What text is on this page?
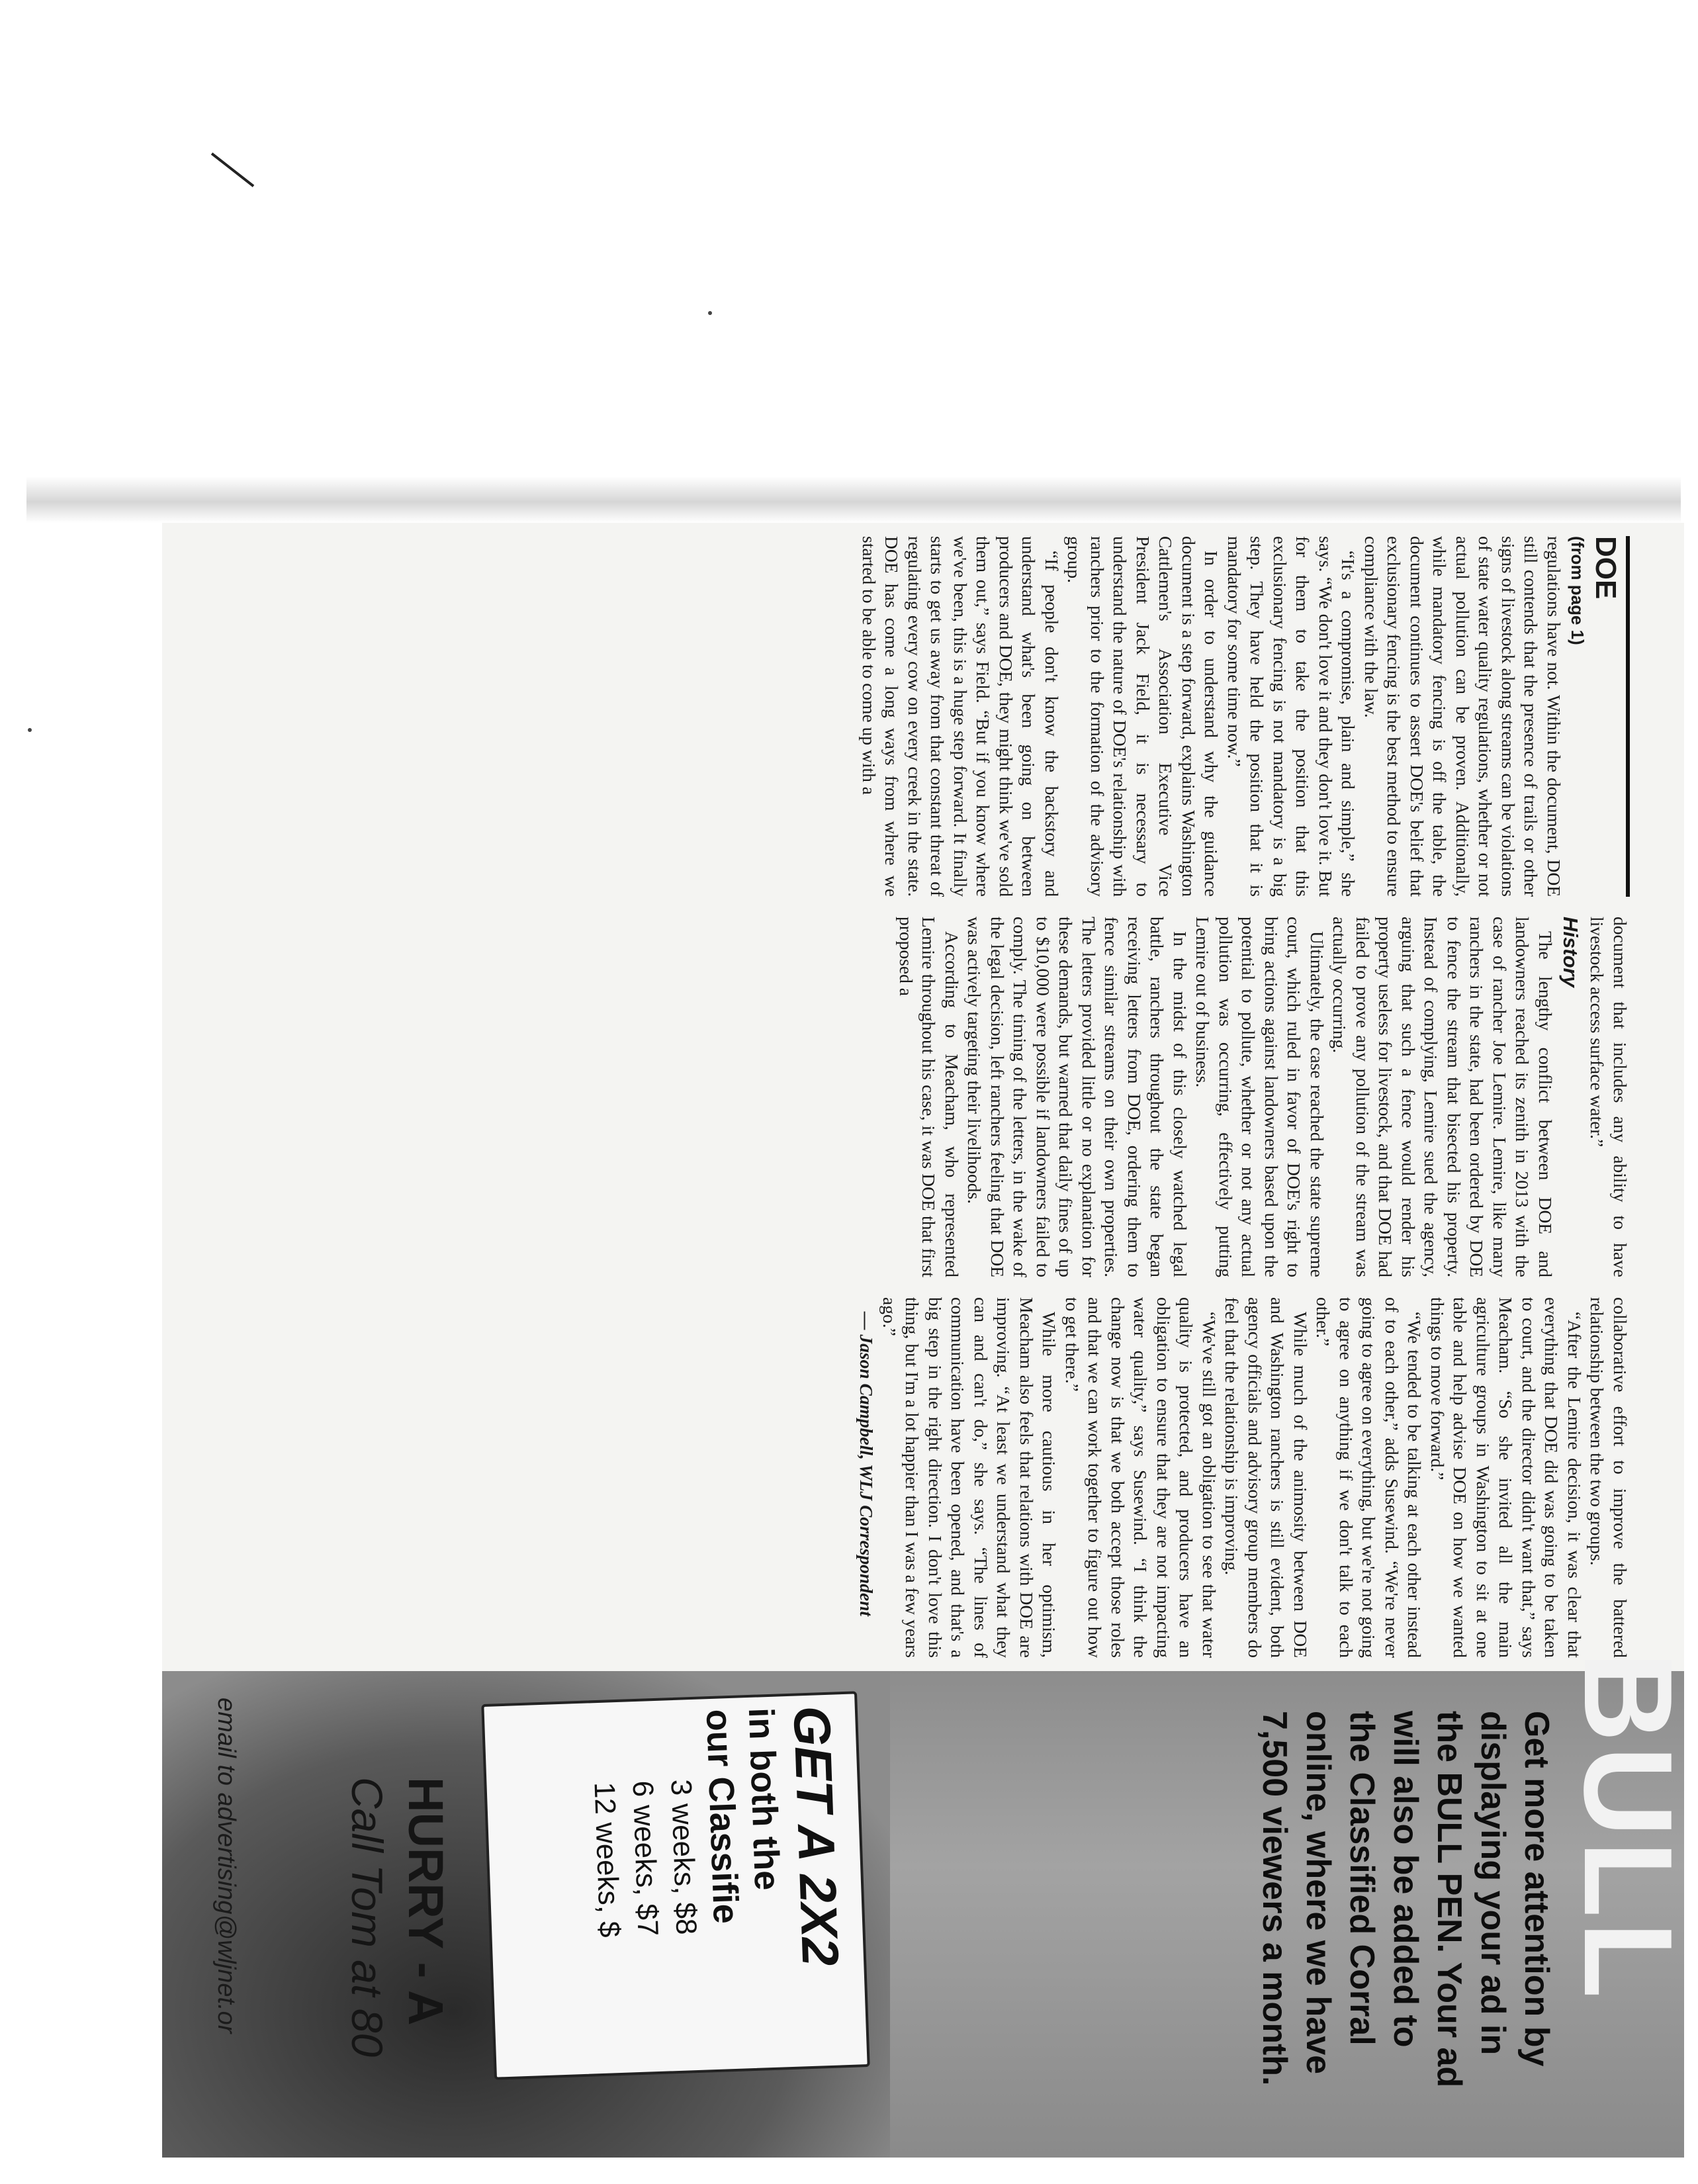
DOE
(from page 1)

regulations have not. Within the document, DOE still contends that the presence of trails or other signs of livestock along streams can be violations of state water quality regulations, whether or not actual pollution can be proven. Additionally, while mandatory fencing is off the table, the document continues to assert DOE's belief that exclusionary fencing is the best method to ensure compliance with the law.

“It's a compromise, plain and simple,” she says. “We don't love it and they don't love it. But for them to take the position that this exclusionary fencing is not mandatory is a big step. They have held the position that it is mandatory for some time now.”

In order to understand why the guidance document is a step forward, explains Washington Cattlemen's Association Executive Vice President Jack Field, it is necessary to understand the nature of DOE's relationship with ranchers prior to the formation of the advisory group.

“If people don't know the backstory and understand what's been going on between producers and DOE, they might think we've sold them out,” says Field. “But if you know where we've been, this is a huge step forward. It finally starts to get us away from that constant threat of regulating every cow on every creek in the state. DOE has come a long ways from where we started to be able to come up with a

document that includes any ability to have livestock access surface water.”

History

The lengthy conflict between DOE and landowners reached its zenith in 2013 with the case of rancher Joe Lemire. Lemire, like many ranchers in the state, had been ordered by DOE to fence the stream that bisected his property. Instead of complying, Lemire sued the agency, arguing that such a fence would render his property useless for livestock, and that DOE had failed to prove any pollution of the stream was actually occurring.

Ultimately, the case reached the state supreme court, which ruled in favor of DOE's right to bring actions against landowners based upon the potential to pollute, whether or not any actual pollution was occurring, effectively putting Lemire out of business.

In the midst of this closely watched legal battle, ranchers throughout the state began receiving letters from DOE, ordering them to fence similar streams on their own properties. The letters provided little or no explanation for these demands, but warned that daily fines of up to $10,000 were possible if landowners failed to comply. The timing of the letters, in the wake of the legal decision, left ranchers feeling that DOE was actively targeting their livelihoods.

According to Meacham, who represented Lemire throughout his case, it was DOE that first proposed a

collaborative effort to improve the battered relationship between the two groups.

“After the Lemire decision, it was clear that everything that DOE did was going to be taken to court, and the director didn't want that,” says Meacham. “So she invited all the main agriculture groups in Washington to sit at one table and help advise DOE on how we wanted things to move forward.”

“We tended to be talking at each other instead of to each other,” adds Susewind. “We're never going to agree on everything, but we're not going to agree on anything if we don't talk to each other.”

While much of the animosity between DOE and Washington ranchers is still evident, both agency officials and advisory group members do feel that the relationship is improving.

“We've still got an obligation to see that water quality is protected, and producers have an obligation to ensure that they are not impacting water quality,” says Susewind. “I think the change now is that we both accept those roles and that we can work together to figure out how to get there.”

While more cautious in her optimism, Meacham also feels that relations with DOE are improving. “At least we understand what they can and can't do,” she says. “The lines of communication have been opened, and that's a big step in the right direction. I don't love this thing, but I'm a lot happier than I was a few years ago.”

— Jason Campbell, WLJ Correspondent

BULL
Get more attention by displaying your ad in the BULL PEN. Your ad will also be added to the Classified Corral online, where we have 7,500 viewers a month.
GET A 2X2
in both the
our Classifie
3 weeks, $8
6 weeks, $7
12 weeks, $
HURRY - A
Call Tom at 80
email to advertising@wljnet.or
